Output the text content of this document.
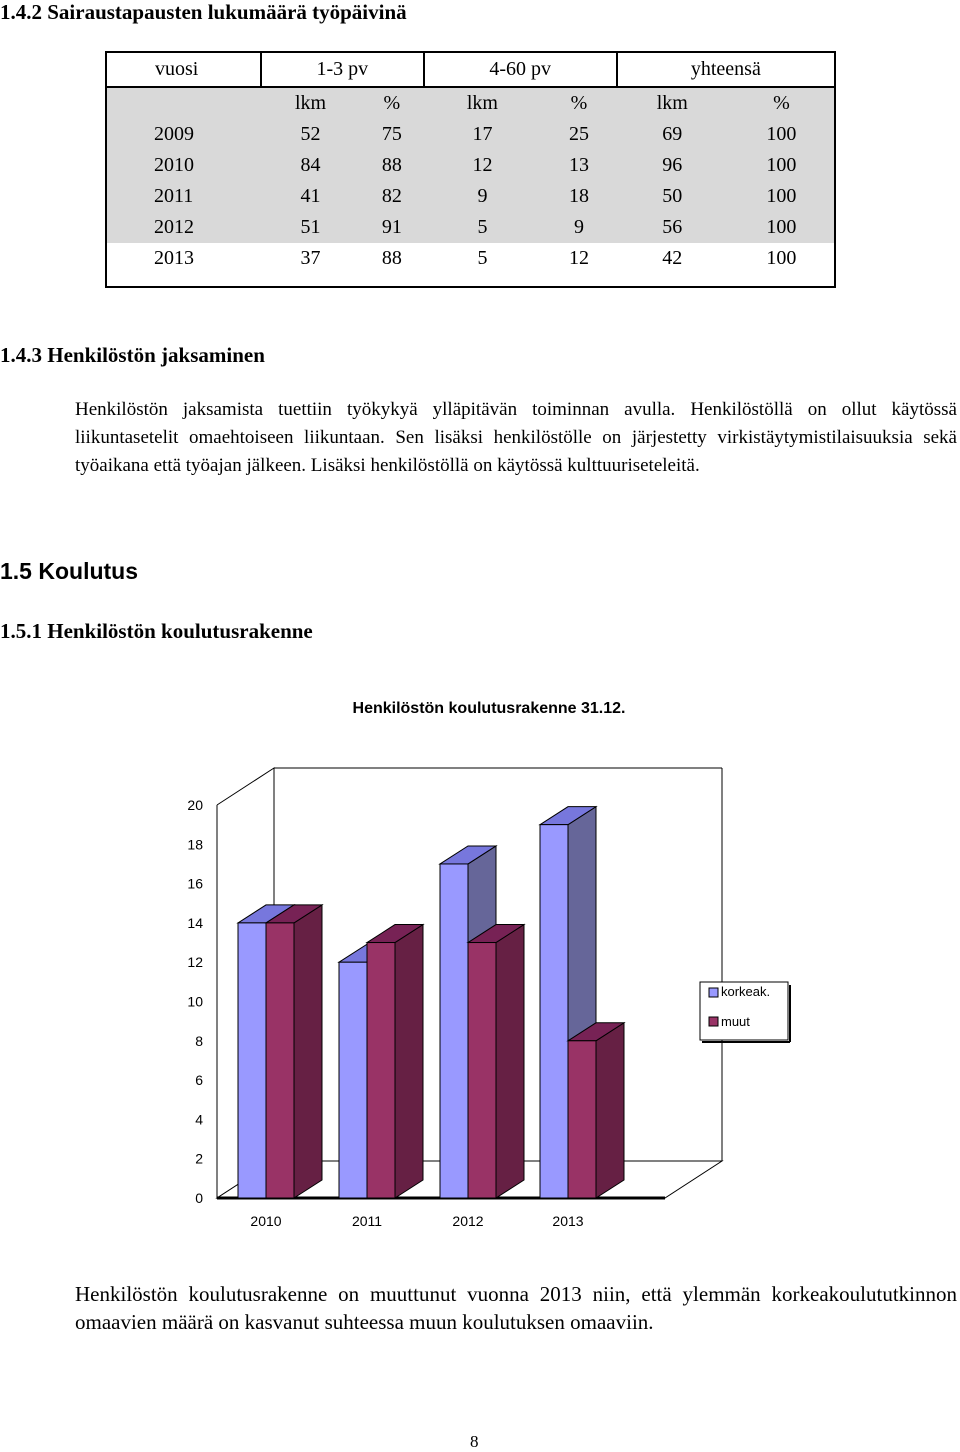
1.4.2 Sairaustapausten lukumäärä työpäivinä
vuosi	1-3 pv		4-60 pv		yhteensä	
	lkm	%	lkm	%	lkm	%
2009	52	75	17	25	69	100
2010	84	88	12	13	96	100
2011	41	82	9	18	50	100
2012	51	91	5	9	56	100
2013	37	88	5	12	42	100
1.4.3 Henkilöstön jaksaminen
Henkilöstön jaksamista tuettiin työkykyä ylläpitävän toiminnan avulla. Henkilöstöllä on ollut käytössä liikuntasetelit omaehtoiseen liikuntaan. Sen lisäksi henkilöstölle on järjestetty virkistäytymistilaisuuksia sekä työaikana että työajan jälkeen. Lisäksi henkilöstöllä on käytössä kulttuuriseteleitä.
1.5 Koulutus
1.5.1 Henkilöstön koulutusrakenne
Henkilöstön koulutusrakenne 31.12.
0
2
4
6
8
10
12
14
16
18
20
2010	2011	2012	2013
korkeak.
muut
Henkilöstön koulutusrakenne on muuttunut vuonna 2013 niin, että ylemmän korkeakoulututkinnon omaavien määrä on kasvanut suhteessa muun koulutuksen omaaviin.
8
